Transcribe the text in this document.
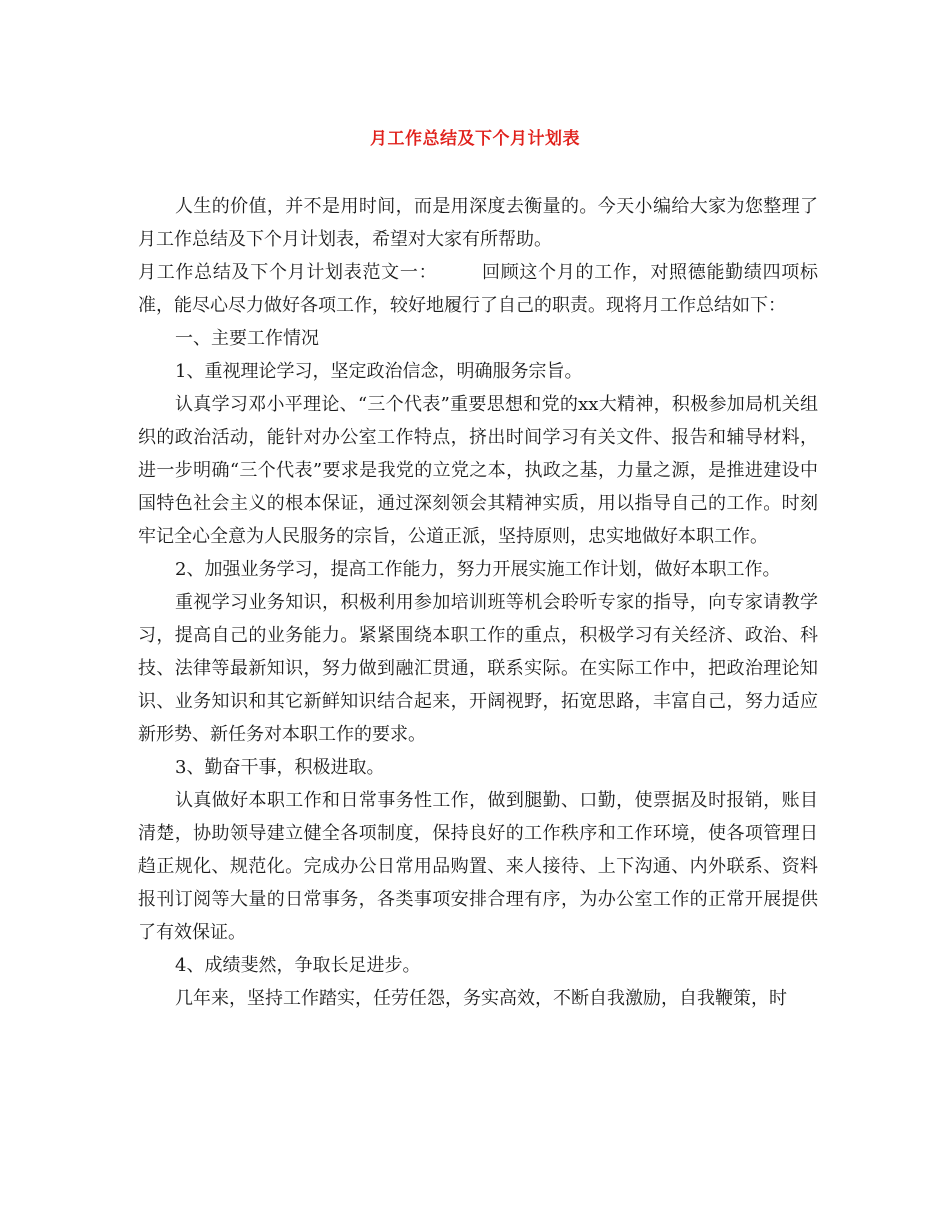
月工作总结及下个月计划表

人生的价值，并不是用时间，而是用深度去衡量的。今天小编给大家为您整理了月工作总结及下个月计划表，希望对大家有所帮助。

月工作总结及下个月计划表范文一： 回顾这个月的工作，对照德能勤绩四项标准，能尽心尽力做好各项工作，较好地履行了自己的职责。现将月工作总结如下：

一、主要工作情况

1、重视理论学习，坚定政治信念，明确服务宗旨。

认真学习邓小平理论、“三个代表”重要思想和党的xx大精神，积极参加局机关组织的政治活动，能针对办公室工作特点，挤出时间学习有关文件、报告和辅导材料，进一步明确“三个代表”要求是我党的立党之本，执政之基，力量之源，是推进建设中国特色社会主义的根本保证，通过深刻领会其精神实质，用以指导自己的工作。时刻牢记全心全意为人民服务的宗旨，公道正派，坚持原则，忠实地做好本职工作。

2、加强业务学习，提高工作能力，努力开展实施工作计划，做好本职工作。

重视学习业务知识，积极利用参加培训班等机会聆听专家的指导，向专家请教学习，提高自己的业务能力。紧紧围绕本职工作的重点，积极学习有关经济、政治、科技、法律等最新知识，努力做到融汇贯通，联系实际。在实际工作中，把政治理论知识、业务知识和其它新鲜知识结合起来，开阔视野，拓宽思路，丰富自己，努力适应新形势、新任务对本职工作的要求。

3、勤奋干事，积极进取。

认真做好本职工作和日常事务性工作，做到腿勤、口勤，使票据及时报销，账目清楚，协助领导建立健全各项制度，保持良好的工作秩序和工作环境，使各项管理日趋正规化、规范化。完成办公日常用品购置、来人接待、上下沟通、内外联系、资料报刊订阅等大量的日常事务，各类事项安排合理有序，为办公室工作的正常开展提供了有效保证。

4、成绩斐然，争取长足进步。

几年来，坚持工作踏实，任劳任怨，务实高效，不断自我激励，自我鞭策，时
